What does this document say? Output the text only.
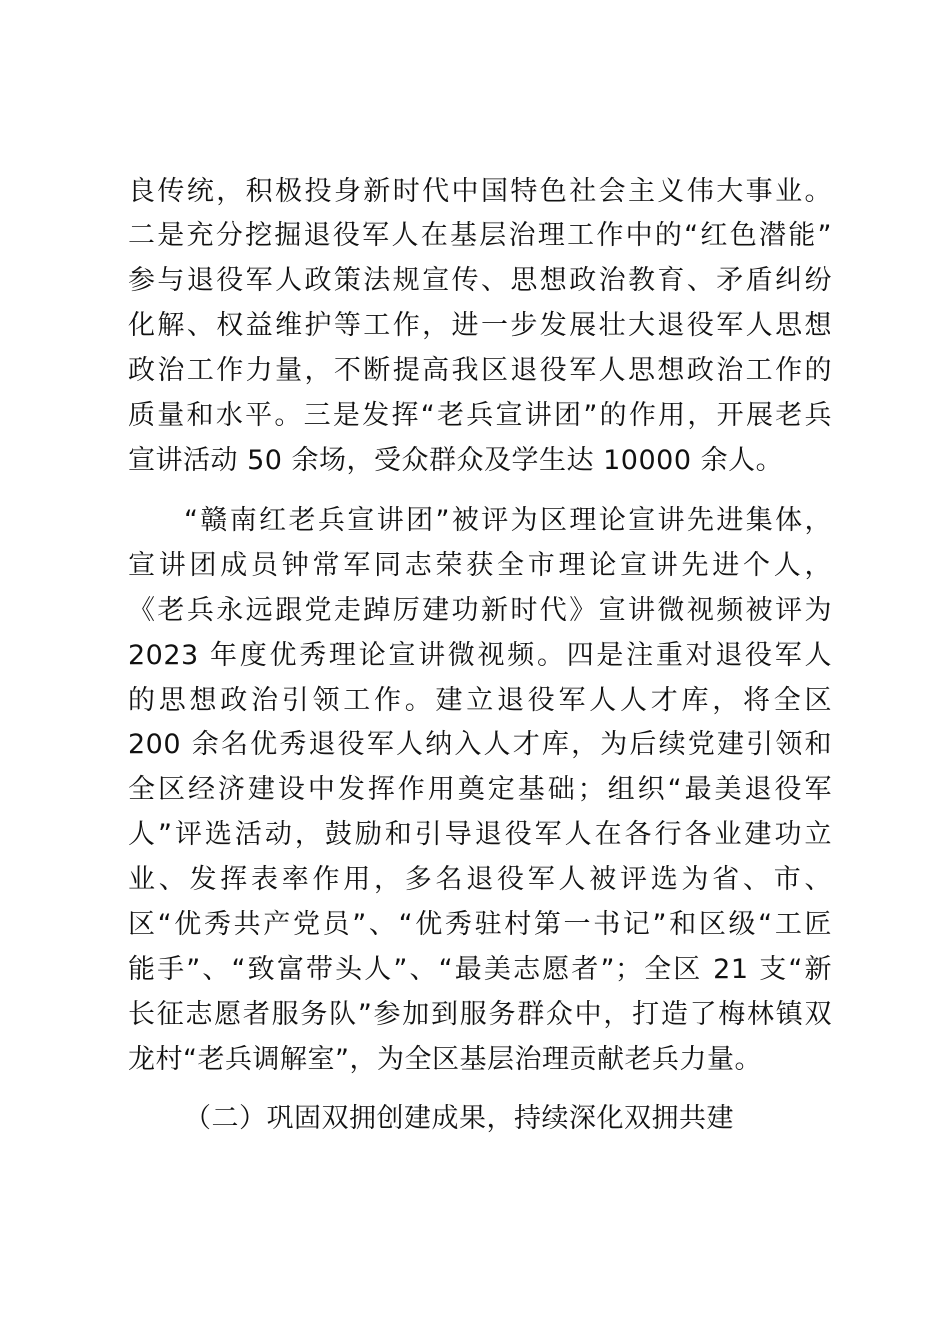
良传统，积极投身新时代中国特色社会主义伟大事业。
二是充分挖掘退役军人在基层治理工作中的“红色潜能”
参与退役军人政策法规宣传、思想政治教育、矛盾纠纷
化解、权益维护等工作，进一步发展壮大退役军人思想
政治工作力量，不断提高我区退役军人思想政治工作的
质量和水平。三是发挥“老兵宣讲团”的作用，开展老兵
宣讲活动 50 余场，受众群众及学生达 10000 余人。
“赣南红老兵宣讲团”被评为区理论宣讲先进集体，
宣讲团成员钟常军同志荣获全市理论宣讲先进个人，
《老兵永远跟党走踔厉建功新时代》宣讲微视频被评为
2023 年度优秀理论宣讲微视频。四是注重对退役军人
的思想政治引领工作。建立退役军人人才库，将全区
200 余名优秀退役军人纳入人才库，为后续党建引领和
全区经济建设中发挥作用奠定基础；组织“最美退役军
人”评选活动，鼓励和引导退役军人在各行各业建功立
业、发挥表率作用，多名退役军人被评选为省、市、
区“优秀共产党员”、“优秀驻村第一书记”和区级“工匠
能手”、“致富带头人”、“最美志愿者”；全区 21 支“新
长征志愿者服务队”参加到服务群众中，打造了梅林镇双
龙村“老兵调解室”，为全区基层治理贡献老兵力量。
（二）巩固双拥创建成果，持续深化双拥共建
